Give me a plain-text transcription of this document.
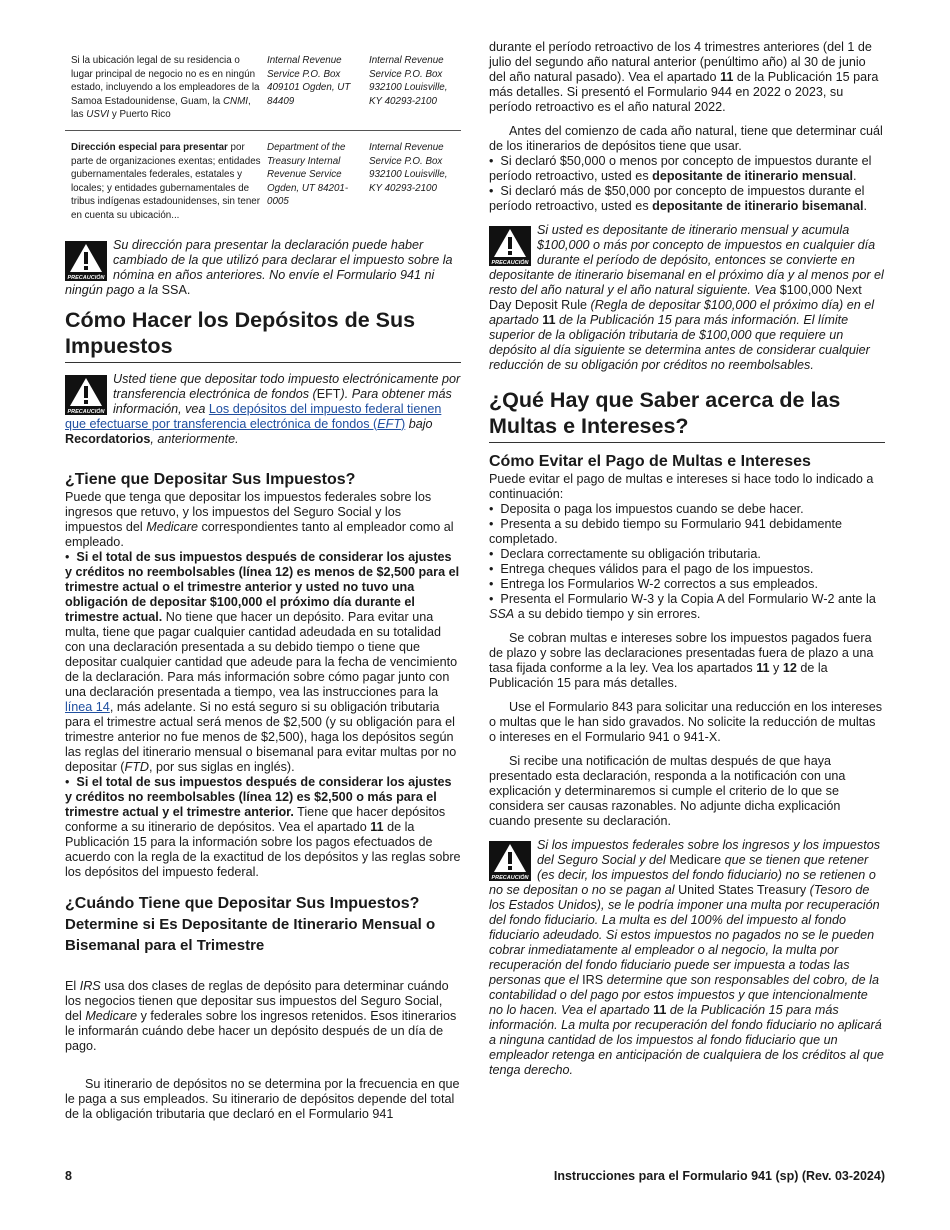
Si la ubicación legal de su residencia o lugar principal de negocio no es en ningún estado, incluyendo a los empleadores de la Samoa Estadounidense, Guam, la CNMI, las USVI y Puerto Rico	Internal Revenue Service P.O. Box 409101 Ogden, UT 84409	Internal Revenue Service P.O. Box 932100 Louisville, KY 40293-2100
Dirección especial para presentar por parte de organizaciones exentas; entidades gubernamentales federales, estatales y locales; y entidades gubernamentales de tribus indígenas estadounidenses, sin tener en cuenta su ubicación...	Department of the Treasury Internal Revenue Service Ogden, UT 84201-0005	Internal Revenue Service P.O. Box 932100 Louisville, KY 40293-2100
PRECAUCIÓN
Su dirección para presentar la declaración puede haber cambiado de la que utilizó para declarar el impuesto sobre la nómina en años anteriores. No envíe el Formulario 941 ni ningún pago a la SSA.
Cómo Hacer los Depósitos de Sus Impuestos
PRECAUCIÓN
Usted tiene que depositar todo impuesto electrónicamente por transferencia electrónica de fondos (EFT). Para obtener más información, vea Los depósitos del impuesto federal tienen que efectuarse por transferencia electrónica de fondos (EFT) bajo Recordatorios, anteriormente.
¿Tiene que Depositar Sus Impuestos?

Puede que tenga que depositar los impuestos federales sobre los ingresos que retuvo, y los impuestos del Seguro Social y los impuestos del Medicare correspondientes tanto al empleador como al empleado.

•  Si el total de sus impuestos después de considerar los ajustes y créditos no reembolsables (línea 12) es menos de $2,500 para el trimestre actual o el trimestre anterior y usted no tuvo una obligación de depositar $100,000 el próximo día durante el trimestre actual. No tiene que hacer un depósito. Para evitar una multa, tiene que pagar cualquier cantidad adeudada en su totalidad con una declaración presentada a su debido tiempo o tiene que depositar cualquier cantidad que adeude para la fecha de vencimiento de la declaración. Para más información sobre cómo pagar junto con una declaración presentada a tiempo, vea las instrucciones para la línea 14, más adelante. Si no está seguro si su obligación tributaria para el trimestre actual será menos de $2,500 (y su obligación para el trimestre anterior no fue menos de $2,500), haga los depósitos según las reglas del itinerario mensual o bisemanal para evitar multas por no depositar (FTD, por sus siglas en inglés).

•  Si el total de sus impuestos después de considerar los ajustes y créditos no reembolsables (línea 12) es $2,500 o más para el trimestre actual y el trimestre anterior. Tiene que hacer depósitos conforme a su itinerario de depósitos. Vea el apartado 11 de la Publicación 15 para la información sobre los pagos efectuados de acuerdo con la regla de la exactitud de los depósitos y las reglas sobre los depósitos del impuesto federal.

¿Cuándo Tiene que Depositar Sus Impuestos?
Determine si Es Depositante de Itinerario Mensual o Bisemanal para el Trimestre

El IRS usa dos clases de reglas de depósito para determinar cuándo los negocios tienen que depositar sus impuestos del Seguro Social, del Medicare y federales sobre los ingresos retenidos. Esos itinerarios le informarán cuándo debe hacer un depósito después de un día de pago.

Su itinerario de depósitos no se determina por la frecuencia en que le paga a sus empleados. Su itinerario de depósitos depende del total de la obligación tributaria que declaró en el Formulario 941

durante el período retroactivo de los 4 trimestres anteriores (del 1 de julio del segundo año natural anterior (penúltimo año) al 30 de junio del año natural pasado). Vea el apartado 11 de la Publicación 15 para más detalles. Si presentó el Formulario 944 en 2022 o 2023, su período retroactivo es el año natural 2022.

Antes del comienzo de cada año natural, tiene que determinar cuál de los itinerarios de depósitos tiene que usar.

•  Si declaró $50,000 o menos por concepto de impuestos durante el período retroactivo, usted es depositante de itinerario mensual.

•  Si declaró más de $50,000 por concepto de impuestos durante el período retroactivo, usted es depositante de itinerario bisemanal.

PRECAUCIÓN
Si usted es depositante de itinerario mensual y acumula $100,000 o más por concepto de impuestos en cualquier día durante el período de depósito, entonces se convierte en depositante de itinerario bisemanal en el próximo día y al menos por el resto del año natural y el año natural siguiente. Vea $100,000 Next Day Deposit Rule (Regla de depositar $100,000 el próximo día) en el apartado 11 de la Publicación 15 para más información. El límite superior de la obligación tributaria de $100,000 que requiere un depósito al día siguiente se determina antes de considerar cualquier reducción de su obligación por créditos no reembolsables.
¿Qué Hay que Saber acerca de las Multas e Intereses?
Cómo Evitar el Pago de Multas e Intereses

Puede evitar el pago de multas e intereses si hace todo lo indicado a continuación:

•  Deposita o paga los impuestos cuando se debe hacer.

•  Presenta a su debido tiempo su Formulario 941 debidamente completado.

•  Declara correctamente su obligación tributaria.

•  Entrega cheques válidos para el pago de los impuestos.

•  Entrega los Formularios W-2 correctos a sus empleados.

•  Presenta el Formulario W-3 y la Copia A del Formulario W-2 ante la SSA a su debido tiempo y sin errores.

Se cobran multas e intereses sobre los impuestos pagados fuera de plazo y sobre las declaraciones presentadas fuera de plazo a una tasa fijada conforme a la ley. Vea los apartados 11 y 12 de la Publicación 15 para más detalles.

Use el Formulario 843 para solicitar una reducción en los intereses o multas que le han sido gravados. No solicite la reducción de multas o intereses en el Formulario 941 o 941-X.

Si recibe una notificación de multas después de que haya presentado esta declaración, responda a la notificación con una explicación y determinaremos si cumple el criterio de lo que se considera ser causas razonables. No adjunte dicha explicación cuando presente su declaración.

PRECAUCIÓN
Si los impuestos federales sobre los ingresos y los impuestos del Seguro Social y del Medicare que se tienen que retener (es decir, los impuestos del fondo fiduciario) no se retienen o no se depositan o no se pagan al United States Treasury (Tesoro de los Estados Unidos), se le podría imponer una multa por recuperación del fondo fiduciario. La multa es del 100% del impuesto al fondo fiduciario adeudado. Si estos impuestos no pagados no se le pueden cobrar inmediatamente al empleador o al negocio, la multa por recuperación del fondo fiduciario puede ser impuesta a todas las personas que el IRS determine que son responsables del cobro, de la contabilidad o del pago por estos impuestos y que intencionalmente no lo hacen. Vea el apartado 11 de la Publicación 15 para más información. La multa por recuperación del fondo fiduciario no aplicará a ninguna cantidad de los impuestos al fondo fiduciario que un empleador retenga en anticipación de cualquiera de los créditos al que tenga derecho.
8	Instrucciones para el Formulario 941 (sp) (Rev. 03-2024)
